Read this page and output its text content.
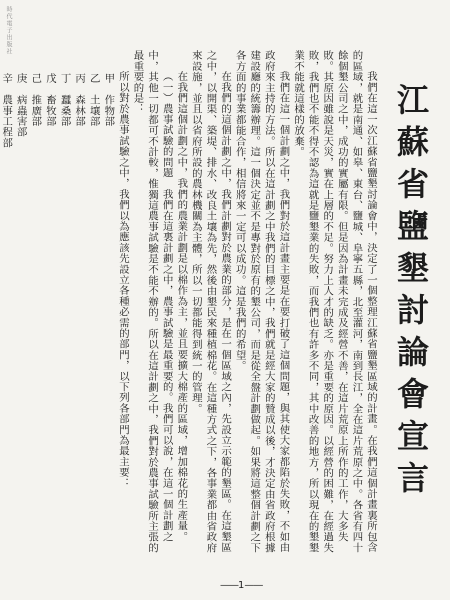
時代電子出版社
江蘇省鹽墾討論會宣言

我們在這一次江蘇省鹽墾討論會中，決定了一個整理江蘇省鹽墾區域的計畫。在我們這個計畫裏所包含的區域，就是南通、如皋、東台、鹽城、阜寧五縣，北至灌河，南到長江，全在這片荒原之中。各省有四十餘個墾公司之中，成功的實屬有限。但是因為計畫未完成及經營不善，在這片荒原上所作的工作，大多失敗。其原因雖說是天災，實在上層的不足。努力上人才的缺乏。亦是重要的原因。以經營的困難，在經過失敗，我們也不能不得不認為這就是鹽墾業的失敗，而我們也有許多不同，其中改善的地方，所以現在的墾墾業不能就這樣的放棄。

我們在這一個計劃之中，我們對於這計畫主要是在要打破了這個問題，與其使大家都陷於失敗，不如由政府來主持的方法。所以在這計劃之中我們的目標之中，我們就是經大家的贊成以後，才決定由省政府根據建設廳的統籌辦理。這一個決定並不是專對於原有的墾公司，而是從全盤計劃做起。如果將這整個計劃之下各方面的事業都能合作，相信將來一定可以成功。這是我們的希望。

在我們的這個計劃之中，我們計劃對於農業的部分，是在一個區域之內，先設立示範的墾區。在這墾區之中，以開渠、築堤、排水、改良土壤為先，然後由墾民來種植棉花。在這種方式之下，各事業都由省政府來設施，並且以省府所設的農林機關為主體，所以一切都能得到統一的管理。

在我們這個計劃之中，我們的農業計劃是以棉作為主，並且要擴大棉產的區域，增加棉花的生產量。

（一）農事試驗的問題　我們在這裏計劃之中，農事試驗是最重要的。我們可以說，在這一個計劃之中，其他一切都可不計較，惟獨這農事試驗是不能不辦的。所以在這計劃之中，我們對於農事試驗所主張的最重要的是：

所以對於農事試驗之中，我們以為應該先設立各種必需的部門，以下列各部門為最主要：

甲　作物部
乙　土壤部
丙　森林部
丁　蠶桑部
戊　畜牧部
己　推廣部
庚　病蟲害部
辛　農事工程部

—— 1 ——
